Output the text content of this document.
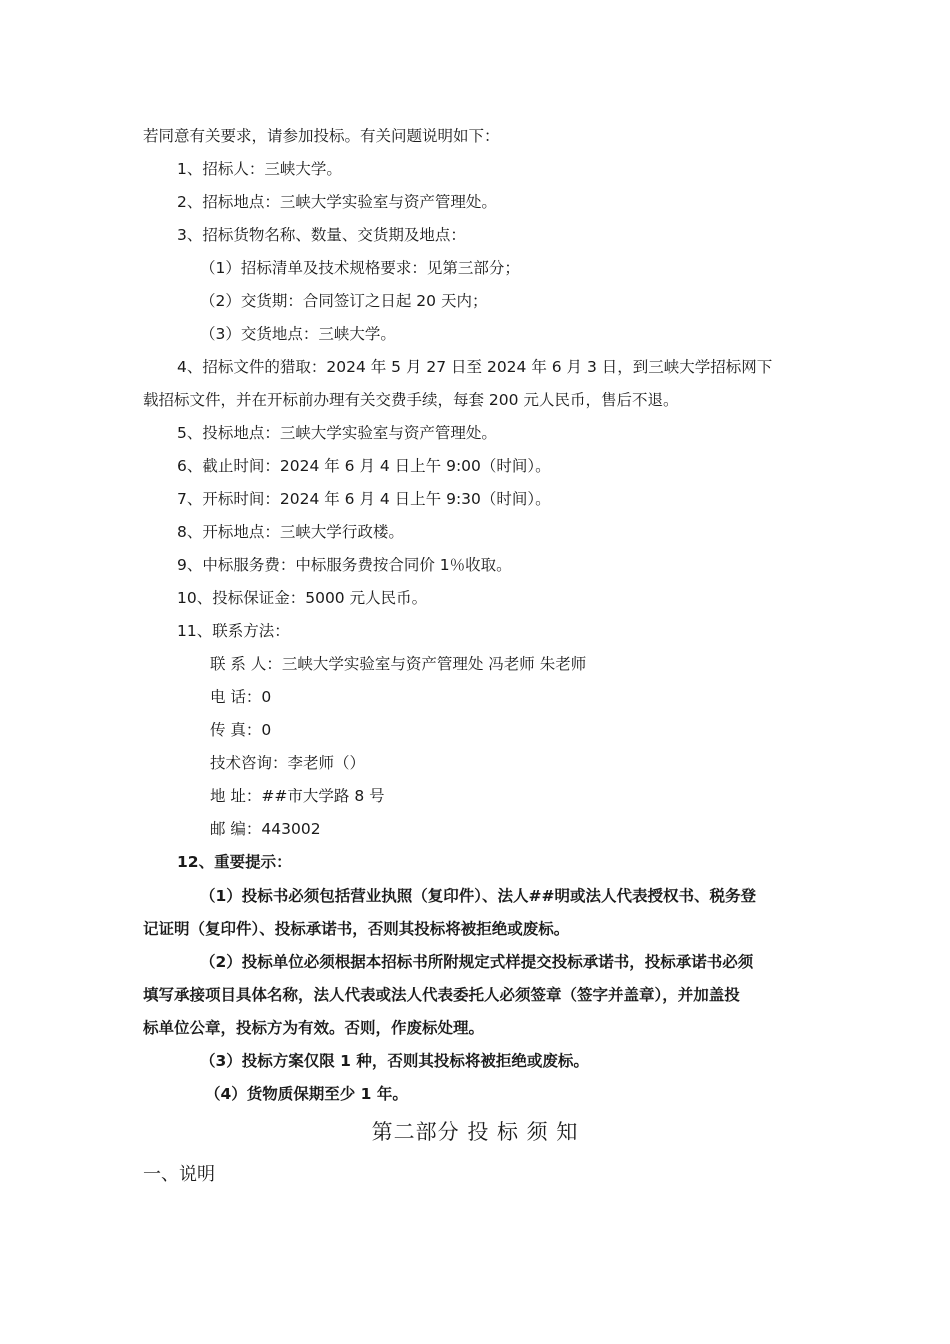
若同意有关要求，请参加投标。有关问题说明如下：
1、招标人：三峡大学。
2、招标地点：三峡大学实验室与资产管理处。
3、招标货物名称、数量、交货期及地点：
（1）招标清单及技术规格要求：见第三部分；
（2）交货期：合同签订之日起 20 天内；
（3）交货地点：三峡大学。
4、招标文件的猎取：2024 年 5 月 27 日至 2024 年 6 月 3 日，到三峡大学招标网下
载招标文件，并在开标前办理有关交费手续，每套 200 元人民币，售后不退。
5、投标地点：三峡大学实验室与资产管理处。
6、截止时间：2024 年 6 月 4 日上午 9:00（时间）。
7、开标时间：2024 年 6 月 4 日上午 9:30（时间）。
8、开标地点：三峡大学行政楼。
9、中标服务费：中标服务费按合同价 1％收取。
10、投标保证金：5000 元人民币。
11、联系方法：
联 系 人：三峡大学实验室与资产管理处 冯老师 朱老师
电 话：0
传 真：0
技术咨询：李老师（）
地 址：##市大学路 8 号
邮 编：443002
12、重要提示：
（1）投标书必须包括营业执照（复印件）、法人##明或法人代表授权书、税务登
记证明（复印件）、投标承诺书，否则其投标将被拒绝或废标。
（2）投标单位必须根据本招标书所附规定式样提交投标承诺书，投标承诺书必须
填写承接项目具体名称，法人代表或法人代表委托人必须签章（签字并盖章），并加盖投
标单位公章，投标方为有效。否则，作废标处理。
（3）投标方案仅限 1 种，否则其投标将被拒绝或废标。
（4）货物质保期至少 1 年。
第二部分 投 标 须 知
一、说明
